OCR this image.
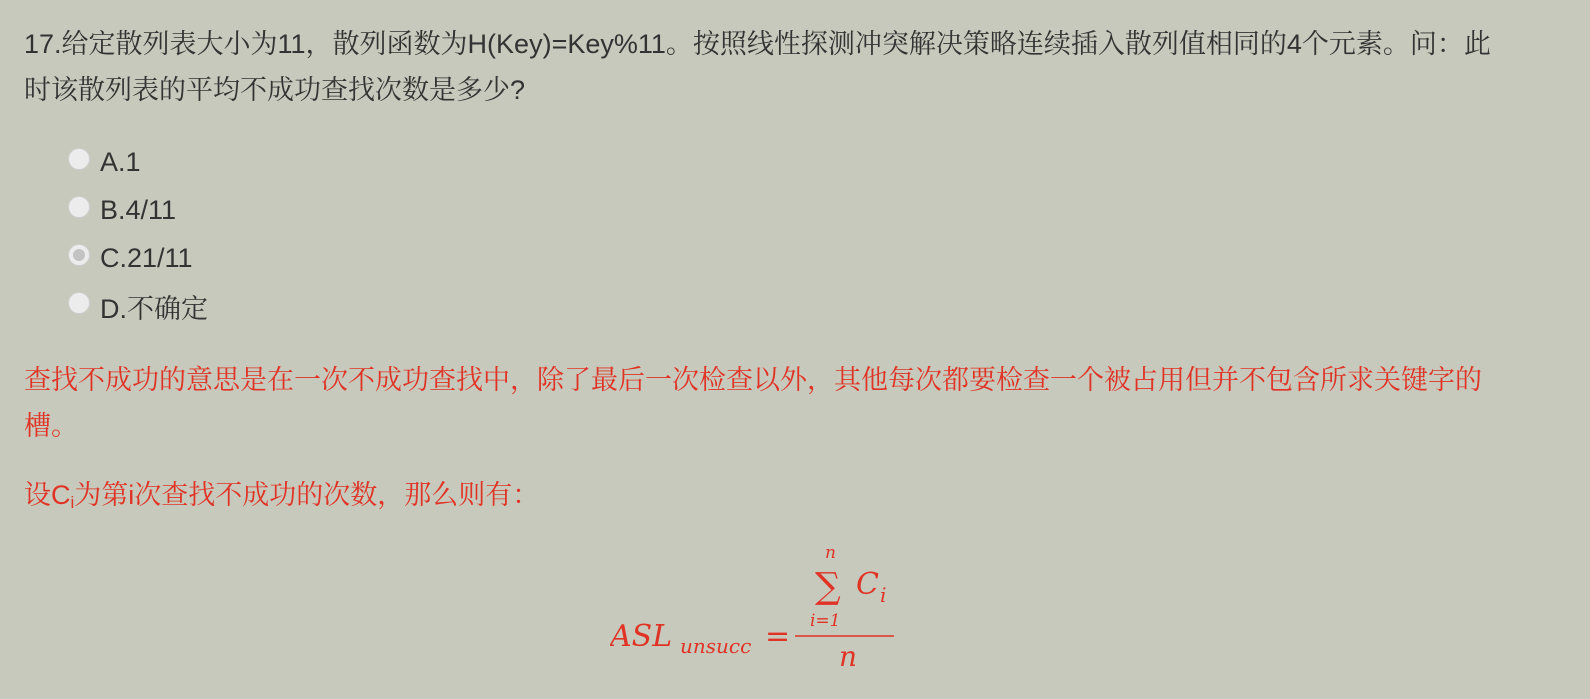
17.给定散列表大小为11，散列函数为H(Key)=Key%11。按照线性探测冲突解决策略连续插入散列值相同的4个元素。问：此时该散列表的平均不成功查找次数是多少?

A.1
B.4/11
C.21/11
D.不确定

查找不成功的意思是在一次不成功查找中，除了最后一次检查以外，其他每次都要检查一个被占用但并不包含所求关键字的槽。

设$C_i$为第i次查找不成功的次数，那么则有：

ASL unsucc =
n
∑
i=1
C i
n
